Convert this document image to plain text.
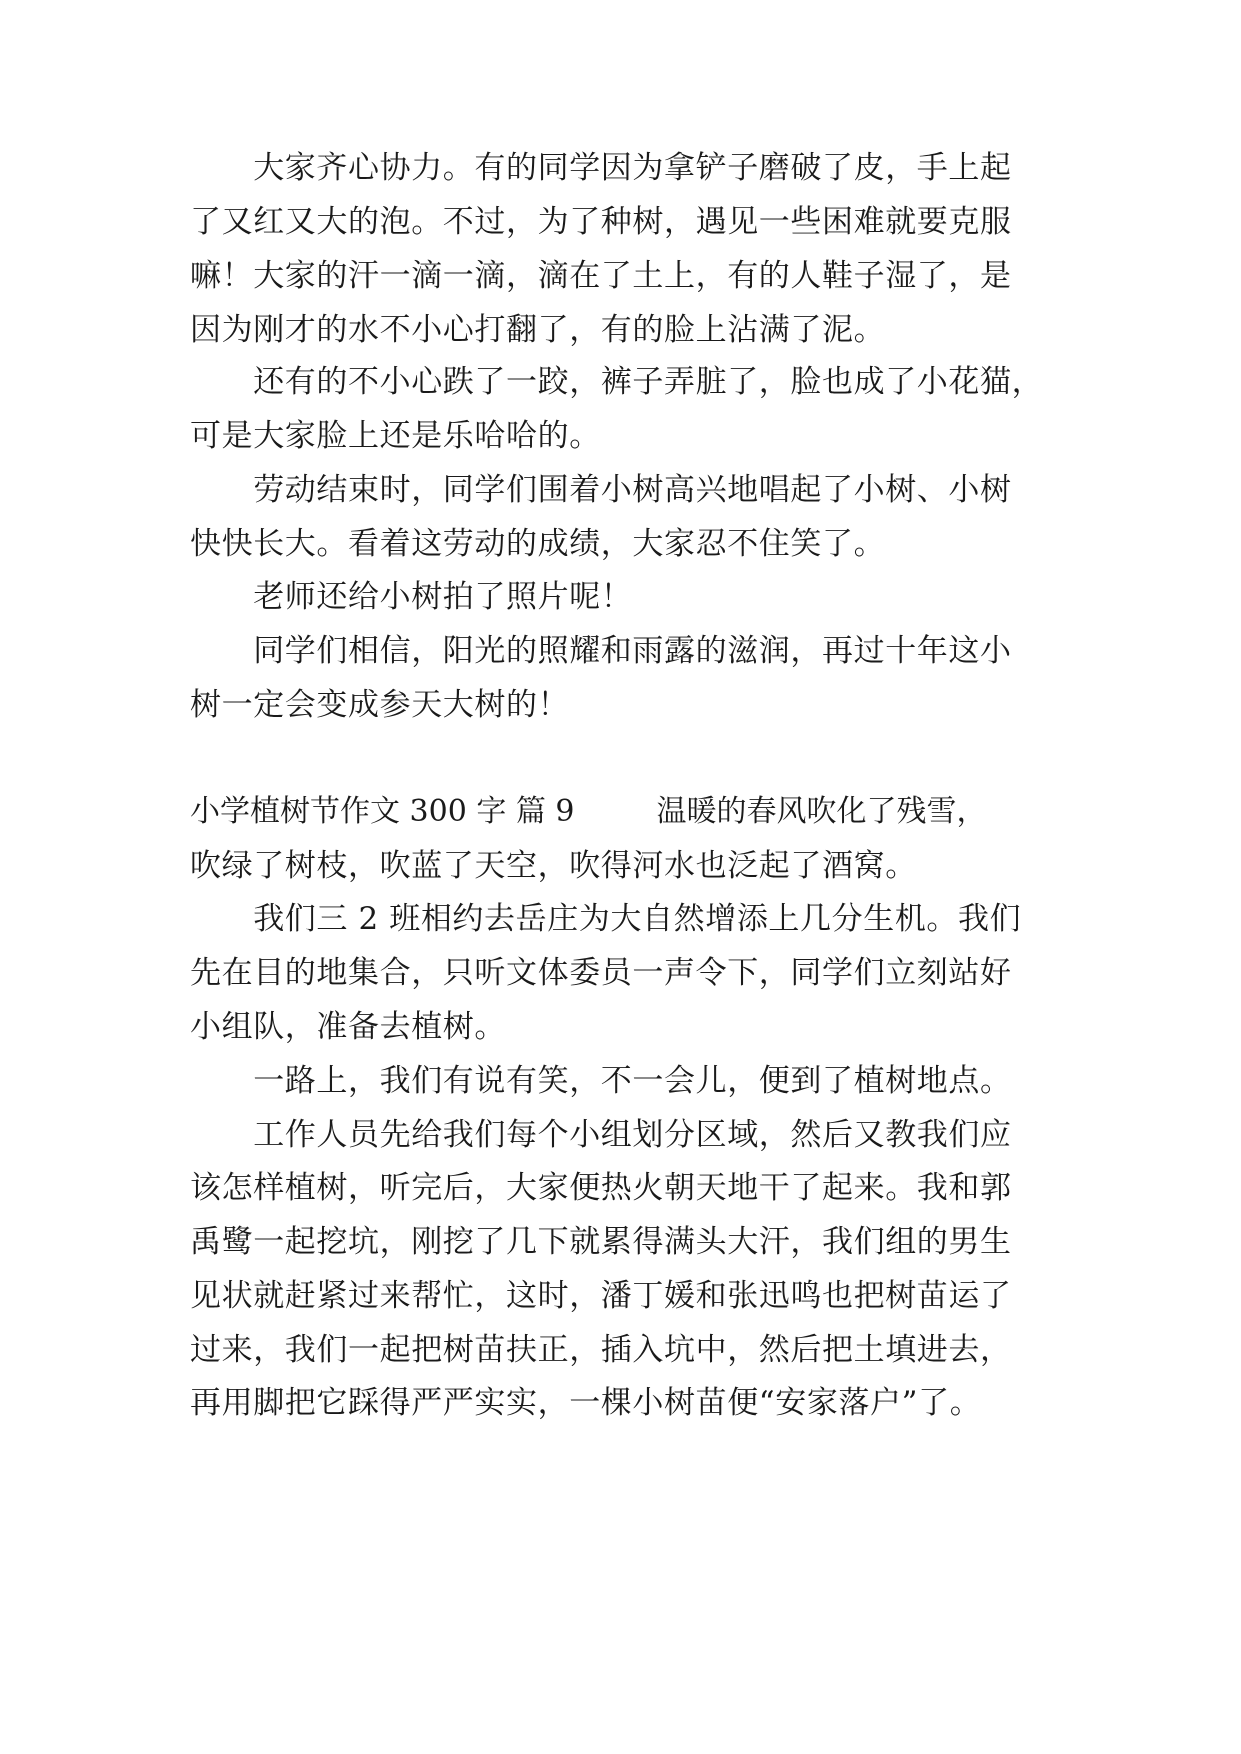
　　大家齐心协力。有的同学因为拿铲子磨破了皮，手上起
了又红又大的泡。不过，为了种树，遇见一些困难就要克服
嘛！大家的汗一滴一滴，滴在了土上，有的人鞋子湿了，是
因为刚才的水不小心打翻了，有的脸上沾满了泥。
　　还有的不小心跌了一跤，裤子弄脏了，脸也成了小花猫，
可是大家脸上还是乐哈哈的。
　　劳动结束时，同学们围着小树高兴地唱起了小树、小树
快快长大。看着这劳动的成绩，大家忍不住笑了。
　　老师还给小树拍了照片呢！
　　同学们相信，阳光的照耀和雨露的滋润，再过十年这小
树一定会变成参天大树的！
小学植树节作文 300 字 篇 9	温暖的春风吹化了残雪，
吹绿了树枝，吹蓝了天空，吹得河水也泛起了酒窝。
　　我们三 2 班相约去岳庄为大自然增添上几分生机。我们
先在目的地集合，只听文体委员一声令下，同学们立刻站好
小组队，准备去植树。
　　一路上，我们有说有笑，不一会儿，便到了植树地点。
　　工作人员先给我们每个小组划分区域，然后又教我们应
该怎样植树，听完后，大家便热火朝天地干了起来。我和郭
禹鹭一起挖坑，刚挖了几下就累得满头大汗，我们组的男生
见状就赶紧过来帮忙，这时，潘丁媛和张迅鸣也把树苗运了
过来，我们一起把树苗扶正，插入坑中，然后把土填进去，
再用脚把它踩得严严实实，一棵小树苗便“安家落户”了。
